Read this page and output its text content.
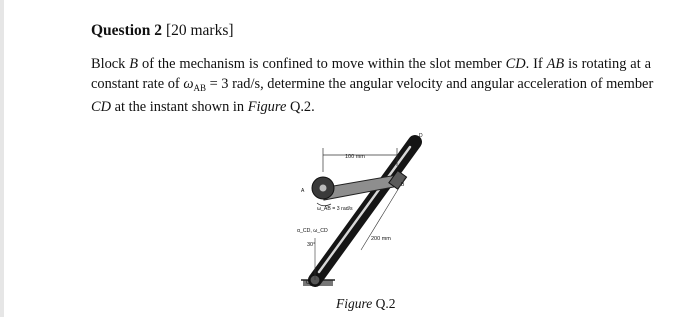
Question 2 [20 marks]
Block B of the mechanism is confined to move within the slot member CD. If AB is rotating at a
constant rate of $\omega_{AB} = 3$ rad/s, determine the angular velocity and angular acceleration of member
CD at the instant shown in Figure Q.2.
100 mm
ω_AB = 3 rad/s
α_CD, ω_CD
30°
200 mm
A
B
C
D
Figure Q.2
